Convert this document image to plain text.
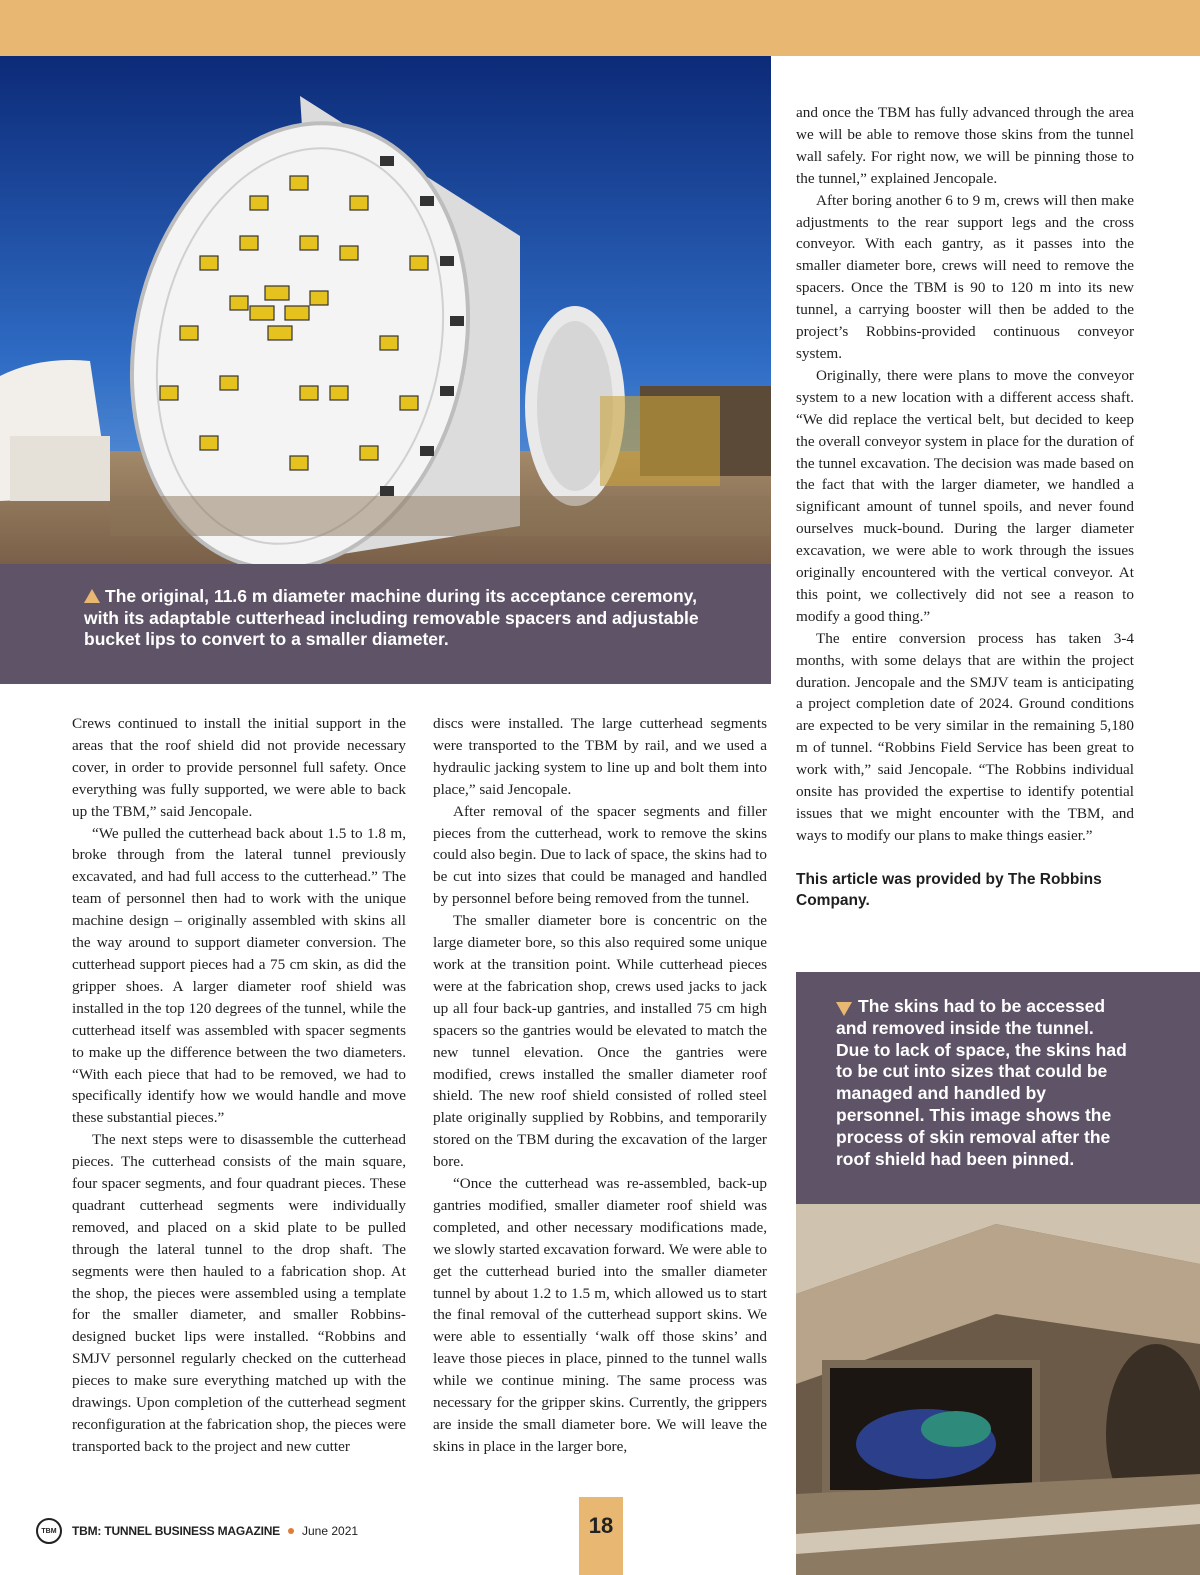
The original, 11.6 m diameter machine during its acceptance ceremony, with its adaptable cutterhead including removable spacers and adjustable bucket lips to convert to a smaller diameter.

Crews continued to install the initial support in the areas that the roof shield did not provide necessary cover, in order to provide personnel full safety. Once everything was fully supported, we were able to back up the TBM,” said Jencopale.

“We pulled the cutterhead back about 1.5 to 1.8 m, broke through from the lateral tunnel previously excavated, and had full access to the cutterhead.” The team of personnel then had to work with the unique machine design – originally assembled with skins all the way around to support diameter conversion. The cutterhead support pieces had a 75 cm skin, as did the gripper shoes. A larger diameter roof shield was installed in the top 120 degrees of the tunnel, while the cutterhead itself was assembled with spacer segments to make up the difference between the two diameters. “With each piece that had to be removed, we had to specifically identify how we would handle and move these substantial pieces.”

The next steps were to disassemble the cutterhead pieces. The cutterhead consists of the main square, four spacer segments, and four quadrant pieces. These quadrant cutterhead segments were individually removed, and placed on a skid plate to be pulled through the lateral tunnel to the drop shaft. The segments were then hauled to a fabrication shop. At the shop, the pieces were assembled using a template for the smaller diameter, and smaller Robbins-designed bucket lips were installed. “Robbins and SMJV personnel regularly checked on the cutterhead pieces to make sure everything matched up with the drawings. Upon completion of the cutterhead segment reconfiguration at the fabrication shop, the pieces were transported back to the project and new cutter

discs were installed. The large cutterhead segments were transported to the TBM by rail, and we used a hydraulic jacking system to line up and bolt them into place,” said Jencopale.

After removal of the spacer segments and filler pieces from the cutterhead, work to remove the skins could also begin. Due to lack of space, the skins had to be cut into sizes that could be managed and handled by personnel before being removed from the tunnel.

The smaller diameter bore is concentric on the large diameter bore, so this also required some unique work at the transition point. While cutterhead pieces were at the fabrication shop, crews used jacks to jack up all four back-up gantries, and installed 75 cm high spacers so the gantries would be elevated to match the new tunnel elevation. Once the gantries were modified, crews installed the smaller diameter roof shield. The new roof shield consisted of rolled steel plate originally supplied by Robbins, and temporarily stored on the TBM during the excavation of the larger bore.

“Once the cutterhead was re-assembled, back-up gantries modified, smaller diameter roof shield was completed, and other necessary modifications made, we slowly started excavation forward. We were able to get the cutterhead buried into the smaller diameter tunnel by about 1.2 to 1.5 m, which allowed us to start the final removal of the cutterhead support skins. We were able to essentially ‘walk off those skins’ and leave those pieces in place, pinned to the tunnel walls while we continue mining. The same process was necessary for the gripper skins. Currently, the grippers are inside the small diameter bore. We will leave the skins in place in the larger bore,

and once the TBM has fully advanced through the area we will be able to remove those skins from the tunnel wall safely. For right now, we will be pinning those to the tunnel,” explained Jencopale.

After boring another 6 to 9 m, crews will then make adjustments to the rear support legs and the cross conveyor. With each gantry, as it passes into the smaller diameter bore, crews will need to remove the spacers. Once the TBM is 90 to 120 m into its new tunnel, a carrying booster will then be added to the project’s Robbins-provided continuous conveyor system.

Originally, there were plans to move the conveyor system to a new location with a different access shaft. “We did replace the vertical belt, but decided to keep the overall conveyor system in place for the duration of the tunnel excavation. The decision was made based on the fact that with the larger diameter, we handled a significant amount of tunnel spoils, and never found ourselves muck-bound. During the larger diameter excavation, we were able to work through the issues originally encountered with the vertical conveyor. At this point, we collectively did not see a reason to modify a good thing.”

The entire conversion process has taken 3-4 months, with some delays that are within the project duration. Jencopale and the SMJV team is anticipating a project completion date of 2024. Ground conditions are expected to be very similar in the remaining 5,180 m of tunnel. “Robbins Field Service has been great to work with,” said Jencopale. “The Robbins individual onsite has provided the expertise to identify potential issues that we might encounter with the TBM, and ways to modify our plans to make things easier.”

This article was provided by The Robbins Company.

The skins had to be accessed and removed inside the tunnel. Due to lack of space, the skins had to be cut into sizes that could be managed and handled by personnel. This image shows the process of skin removal after the roof shield had been pinned.
TBM	TBM: TUNNEL BUSINESS MAGAZINE June 2021	18
